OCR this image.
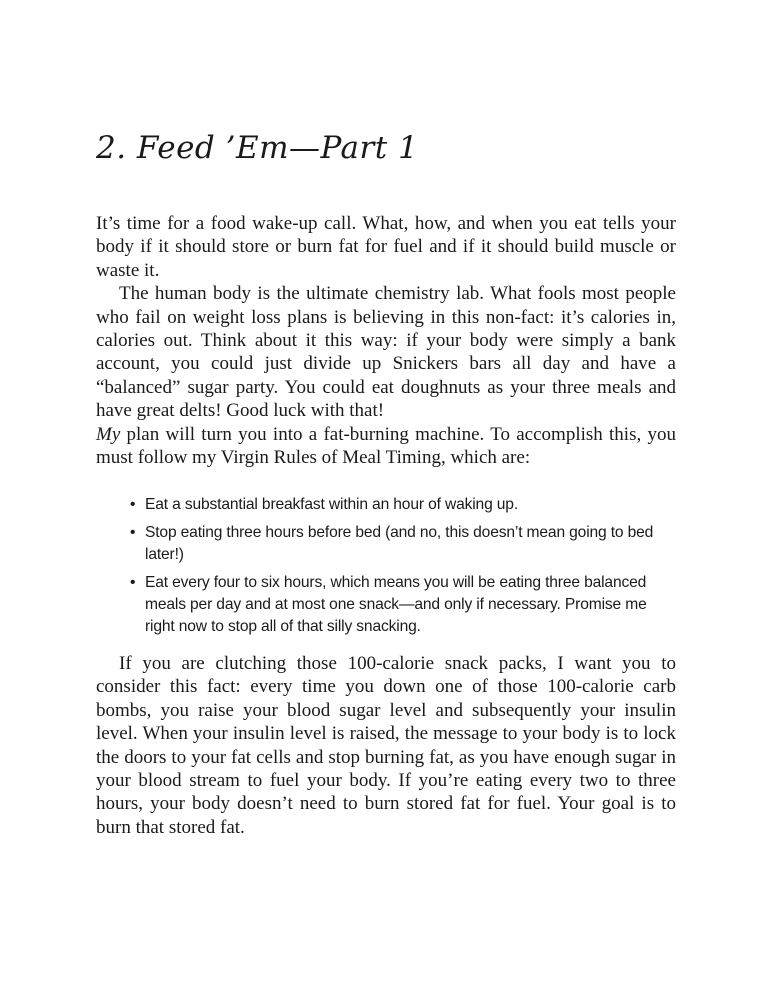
2. Feed ’Em—Part 1

It’s time for a food wake-up call. What, how, and when you eat tells your body if it should store or burn fat for fuel and if it should build muscle or waste it.

The human body is the ultimate chemistry lab. What fools most people who fail on weight loss plans is believing in this non-fact: it’s calories in, calories out. Think about it this way: if your body were simply a bank account, you could just divide up Snickers bars all day and have a “balanced” sugar party. You could eat doughnuts as your three meals and have great delts! Good luck with that!

My plan will turn you into a fat-burning machine. To accomplish this, you must follow my Virgin Rules of Meal Timing, which are:

• Eat a substantial breakfast within an hour of waking up.
• Stop eating three hours before bed (and no, this doesn’t mean going to bed later!)
• Eat every four to six hours, which means you will be eating three balanced meals per day and at most one snack—and only if necessary. Promise me right now to stop all of that silly snacking.

If you are clutching those 100-calorie snack packs, I want you to consider this fact: every time you down one of those 100-calorie carb bombs, you raise your blood sugar level and subsequently your insulin level. When your insulin level is raised, the message to your body is to lock the doors to your fat cells and stop burning fat, as you have enough sugar in your blood stream to fuel your body. If you’re eating every two to three hours, your body doesn’t need to burn stored fat for fuel. Your goal is to burn that stored fat.
